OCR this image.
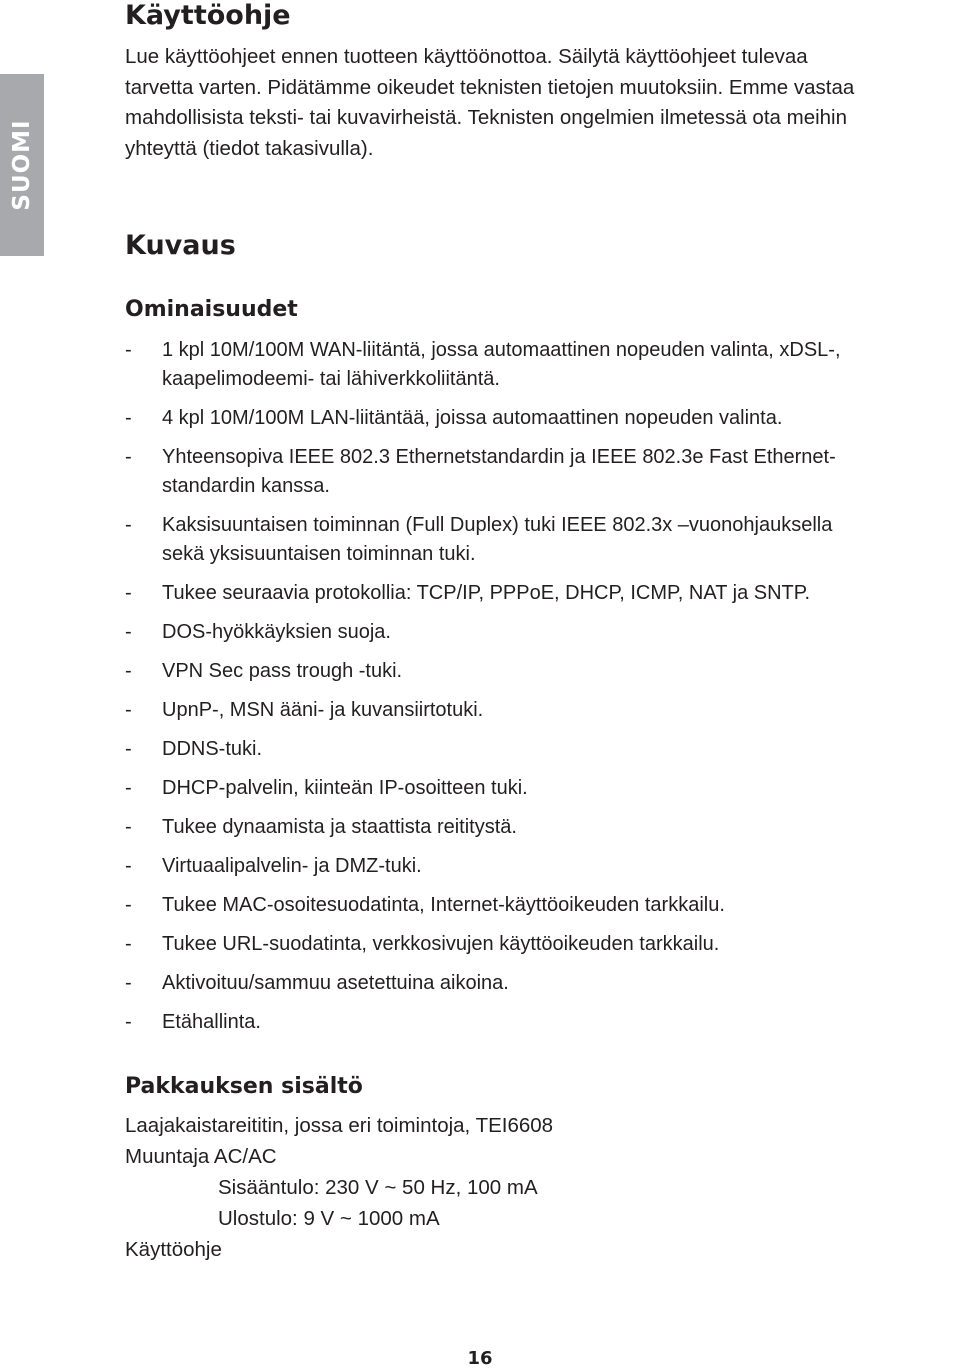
SUOMI
Käyttöohje
Lue käyttöohjeet ennen tuotteen käyttöönottoa. Säilytä käyttöohjeet tulevaa
tarvetta varten. Pidätämme oikeudet teknisten tietojen muutoksiin. Emme vastaa
mahdollisista teksti- tai kuvavirheistä. Teknisten ongelmien ilmetessä ota meihin
yhteyttä (tiedot takasivulla).
Kuvaus
Ominaisuudet
- 1 kpl 10M/100M WAN-liitäntä, jossa automaattinen nopeuden valinta, xDSL-,
kaapelimodeemi- tai lähiverkkoliitäntä.
- 4 kpl 10M/100M LAN-liitäntää, joissa automaattinen nopeuden valinta.
- Yhteensopiva IEEE 802.3 Ethernetstandardin ja IEEE 802.3e Fast Ethernet-
standardin kanssa.
- Kaksisuuntaisen toiminnan (Full Duplex) tuki IEEE 802.3x –vuonohjauksella
sekä yksisuuntaisen toiminnan tuki.
- Tukee seuraavia protokollia: TCP/IP, PPPoE, DHCP, ICMP, NAT ja SNTP.
- DOS-hyökkäyksien suoja.
- VPN Sec pass trough -tuki.
- UpnP-, MSN ääni- ja kuvansiirtotuki.
- DDNS-tuki.
- DHCP-palvelin, kiinteän IP-osoitteen tuki.
- Tukee dynaamista ja staattista reititystä.
- Virtuaalipalvelin- ja DMZ-tuki.
- Tukee MAC-osoitesuodatinta, Internet-käyttöoikeuden tarkkailu.
- Tukee URL-suodatinta, verkkosivujen käyttöoikeuden tarkkailu.
- Aktivoituu/sammuu asetettuina aikoina.
- Etähallinta.
Pakkauksen sisältö
Laajakaistareititin, jossa eri toimintoja, TEI6608
Muuntaja AC/AC
Sisääntulo: 230 V ~ 50 Hz, 100 mA
Ulostulo: 9 V ~ 1000 mA
Käyttöohje
16
